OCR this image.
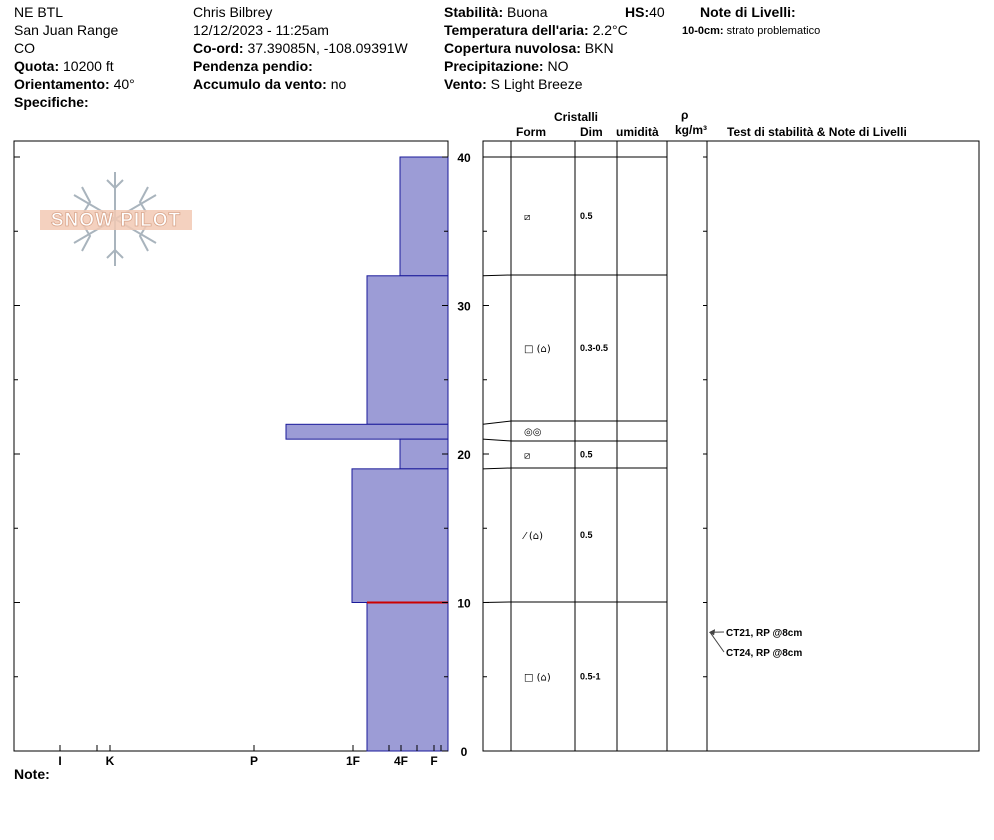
NE BTL
San Juan Range
CO
Quota: 10200 ft
Orientamento: 40°
Specifiche:
Chris Bilbrey
12/12/2023 - 11:25am
Co-ord: 37.39085N, -108.09391W
Pendenza pendio:
Accumulo da vento: no
Stabilità: Buona	HS:40
Temperatura dell'aria: 2.2°C
Copertura nuvolosa: BKN
Precipitazione: NO
Vento: S Light Breeze
Note di Livelli:
10-0cm: strato problematico
Cristalli
Form	Dim umidità
ρ
kg/m³ Test di stabilità & Note di Livelli
SNOW PILOT
I	K	P	1F	4F F
0
10
20
30
40
⧄	0.5
□ (⌂)	0.3-0.5
◎◎
⧄	0.5
⁄ (⌂)	0.5
□ (⌂)	0.5-1
CT21, RP @8cm
CT24, RP @8cm
Note:
